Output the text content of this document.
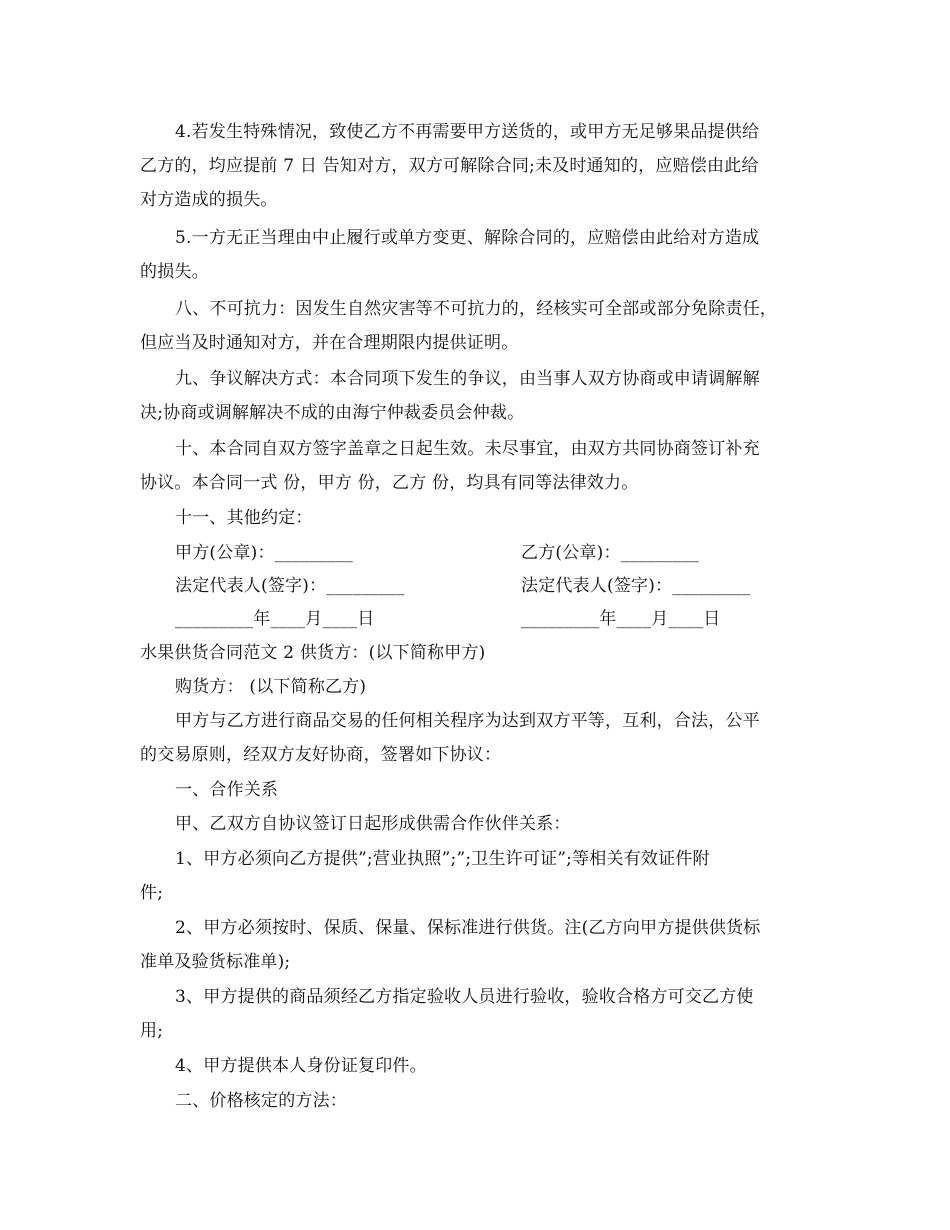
4.若发生特殊情况，致使乙方不再需要甲方送货的，或甲方无足够果品提供给
乙方的，均应提前 7 日 告知对方，双方可解除合同;未及时通知的，应赔偿由此给
对方造成的损失。
5.一方无正当理由中止履行或单方变更、解除合同的，应赔偿由此给对方造成
的损失。
八、不可抗力：因发生自然灾害等不可抗力的，经核实可全部或部分免除责任，
但应当及时通知对方，并在合理期限内提供证明。
九、争议解决方式：本合同项下发生的争议，由当事人双方协商或申请调解解
决;协商或调解解决不成的由海宁仲裁委员会仲裁。
十、本合同自双方签字盖章之日起生效。未尽事宜，由双方共同协商签订补充
协议。本合同一式 份，甲方 份，乙方 份，均具有同等法律效力。
十一、其他约定：
甲方(公章)：_________	乙方(公章)：_________
法定代表人(签字)：_________	法定代表人(签字)：_________
_________年____月____日	_________年____月____日
水果供货合同范文 2 供货方：(以下简称甲方)
购货方： (以下简称乙方)
甲方与乙方进行商品交易的任何相关程序为达到双方平等，互利，合法，公平
的交易原则，经双方友好协商，签署如下协议：
一、合作关系
甲、乙双方自协议签订日起形成供需合作伙伴关系：
1、甲方必须向乙方提供”;营业执照”;”;卫生许可证”;等相关有效证件附
件;
2、甲方必须按时、保质、保量、保标准进行供货。注(乙方向甲方提供供货标
准单及验货标准单);
3、甲方提供的商品须经乙方指定验收人员进行验收，验收合格方可交乙方使
用;
4、甲方提供本人身份证复印件。
二、价格核定的方法：
